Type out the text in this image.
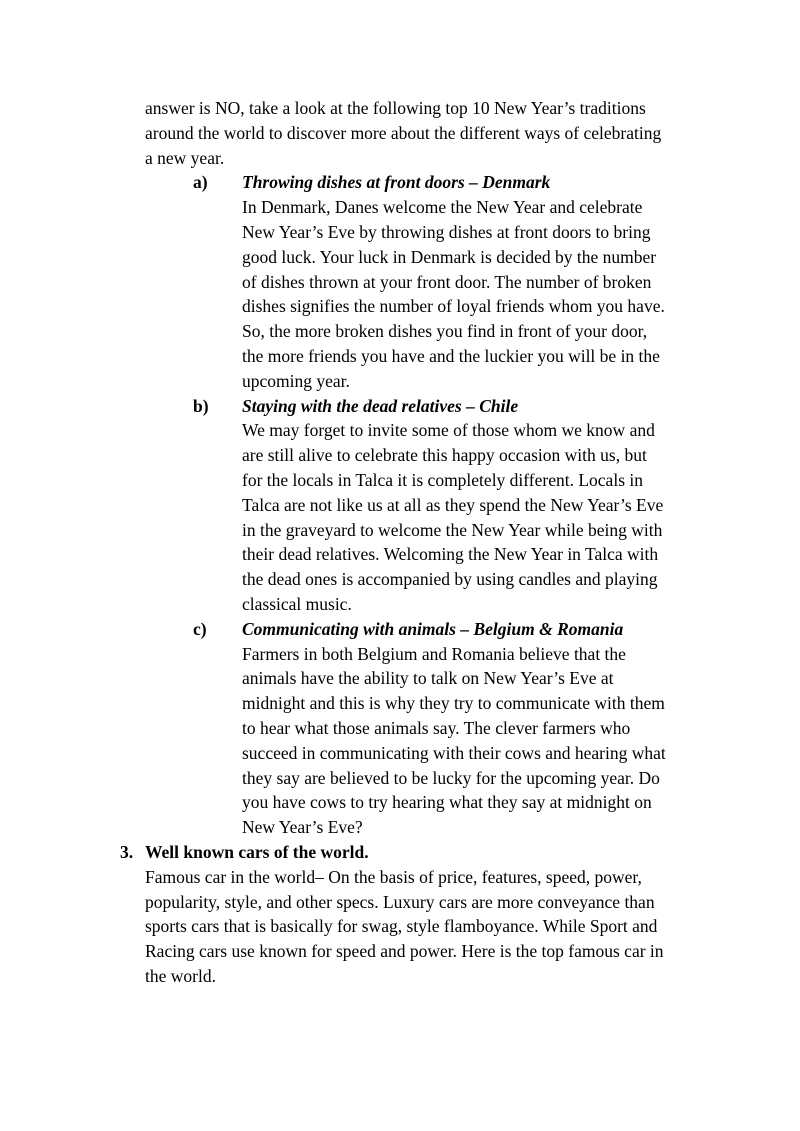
answer is NO, take a look at the following top 10 New Year’s traditions
around the world to discover more about the different ways of celebrating
a new year.
a) Throwing dishes at front doors – Denmark
In Denmark, Danes welcome the New Year and celebrate
New Year’s Eve by throwing dishes at front doors to bring
good luck. Your luck in Denmark is decided by the number
of dishes thrown at your front door. The number of broken
dishes signifies the number of loyal friends whom you have.
So, the more broken dishes you find in front of your door,
the more friends you have and the luckier you will be in the
upcoming year.
b) Staying with the dead relatives – Chile
We may forget to invite some of those whom we know and
are still alive to celebrate this happy occasion with us, but
for the locals in Talca it is completely different. Locals in
Talca are not like us at all as they spend the New Year’s Eve
in the graveyard to welcome the New Year while being with
their dead relatives. Welcoming the New Year in Talca with
the dead ones is accompanied by using candles and playing
classical music.
c) Communicating with animals – Belgium & Romania
Farmers in both Belgium and Romania believe that the
animals have the ability to talk on New Year’s Eve at
midnight and this is why they try to communicate with them
to hear what those animals say. The clever farmers who
succeed in communicating with their cows and hearing what
they say are believed to be lucky for the upcoming year. Do
you have cows to try hearing what they say at midnight on
New Year’s Eve?
3. Well known cars of the world.
Famous car in the world– On the basis of price, features, speed, power,
popularity, style, and other specs. Luxury cars are more conveyance than
sports cars that is basically for swag, style flamboyance. While Sport and
Racing cars use known for speed and power. Here is the top famous car in
the world.
